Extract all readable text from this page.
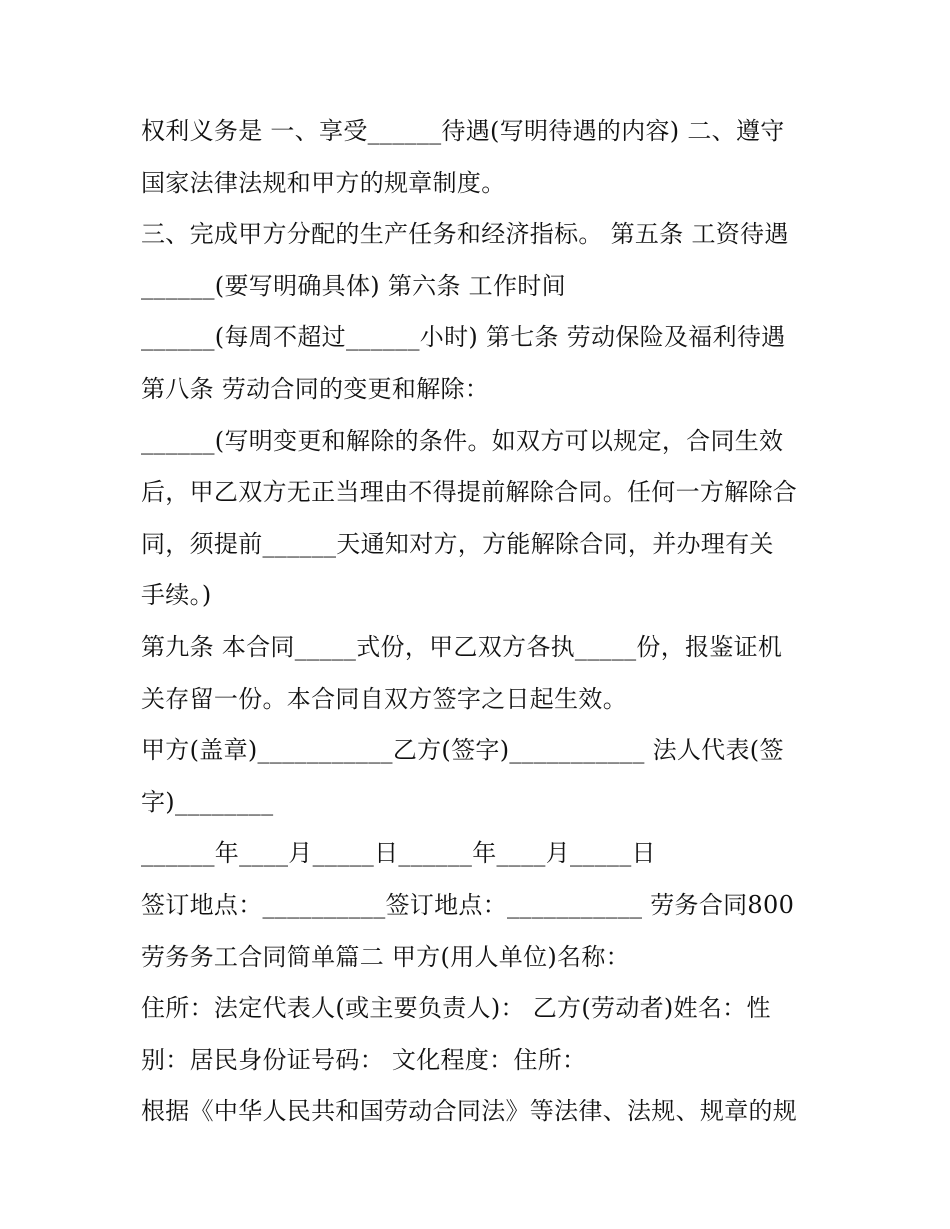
权利义务是 一、享受______待遇(写明待遇的内容) 二、遵守
国家法律法规和甲方的规章制度。
三、完成甲方分配的生产任务和经济指标。 第五条 工资待遇
______(要写明确具体) 第六条 工作时间
______(每周不超过______小时) 第七条 劳动保险及福利待遇
第八条 劳动合同的变更和解除：
______(写明变更和解除的条件。如双方可以规定，合同生效
后，甲乙双方无正当理由不得提前解除合同。任何一方解除合
同，须提前______天通知对方，方能解除合同，并办理有关
手续。)
第九条 本合同_____式份，甲乙双方各执_____份，报鉴证机
关存留一份。本合同自双方签字之日起生效。
甲方(盖章)___________乙方(签字)___________ 法人代表(签
字)________
______年____月_____日______年____月_____日
签订地点：__________签订地点：___________ 劳务合同800
劳务务工合同简单篇二 甲方(用人单位)名称：
住所：法定代表人(或主要负责人)： 乙方(劳动者)姓名：性
别：居民身份证号码： 文化程度：住所：
根据《中华人民共和国劳动合同法》等法律、法规、规章的规
